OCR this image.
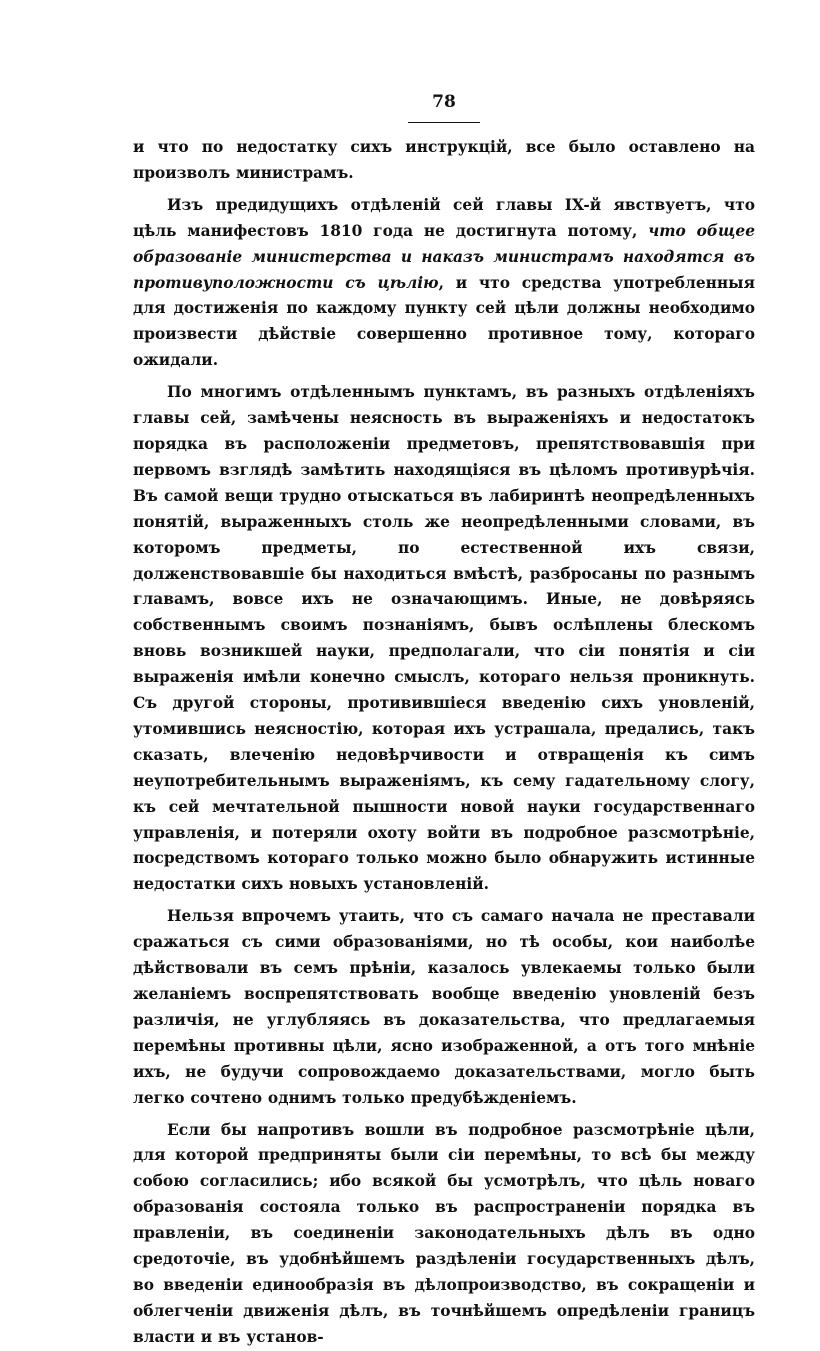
78

и что по недостатку сихъ инструкцій, все было оставлено на произволъ министрамъ.

Изъ предидущихъ отдѣленій сей главы IX-й явствуетъ, что цѣль манифестовъ 1810 года не достигнута потому, что общее образованіе министерства и наказъ министрамъ находятся въ противуположности съ цѣлію, и что средства употребленныя для достиженія по каждому пункту сей цѣли должны необходимо произвести дѣйствіе совершенно противное тому, котораго ожидали.

По многимъ отдѣленнымъ пунктамъ, въ разныхъ отдѣленіяхъ главы сей, замѣчены неясность въ выраженіяхъ и недостатокъ порядка въ расположеніи предметовъ, препятствовавшія при первомъ взглядѣ замѣтить находящіяся въ цѣломъ противурѣчія. Въ самой вещи трудно отыскаться въ лабиринтѣ неопредѣленныхъ понятій, выраженныхъ столь же неопредѣленными словами, въ которомъ предметы, по естественной ихъ связи, долженствовавшіе бы находиться вмѣстѣ, разбросаны по разнымъ главамъ, вовсе ихъ не означающимъ. Иные, не довѣряясь собственнымъ своимъ познаніямъ, бывъ ослѣплены блескомъ вновь возникшей науки, предполагали, что сіи понятія и сіи выраженія имѣли конечно смыслъ, котораго нельзя проникнуть. Съ другой стороны, противившіеся введенію сихъ уновленій, утомившись неясностію, которая ихъ устрашала, предались, такъ сказать, влеченію недовѣрчивости и отвращенія къ симъ неупотребительнымъ выраженіямъ, къ сему гадательному слогу, къ сей мечтательной пышности новой науки государственнаго управленія, и потеряли охоту войти въ подробное разсмотрѣніе, посредствомъ котораго только можно было обнаружить истинные недостатки сихъ новыхъ установленій.

Нельзя впрочемъ утаить, что съ самаго начала не преставали сражаться съ сими образованіями, но тѣ особы, кои наиболѣе дѣйствовали въ семъ прѣніи, казалось увлекаемы только были желаніемъ воспрепятствовать вообще введенію уновленій безъ различія, не углубляясь въ доказательства, что предлагаемыя перемѣны противны цѣли, ясно изображенной, а отъ того мнѣніе ихъ, не будучи сопровождаемо доказательствами, могло быть легко сочтено однимъ только предубѣжденіемъ.

Если бы напротивъ вошли въ подробное разсмотрѣніе цѣли, для которой предприняты были сіи перемѣны, то всѣ бы между собою согласились; ибо всякой бы усмотрѣлъ, что цѣль новаго образованія состояла только въ распространеніи порядка въ правленіи, въ соединеніи законодательныхъ дѣлъ въ одно средоточіе, въ удобнѣйшемъ раздѣленіи государственныхъ дѣлъ, во введеніи единообразія въ дѣлопроизводство, въ сокращеніи и облегченіи движенія дѣлъ, въ точнѣйшемъ опредѣленіи границъ власти и въ установ-
